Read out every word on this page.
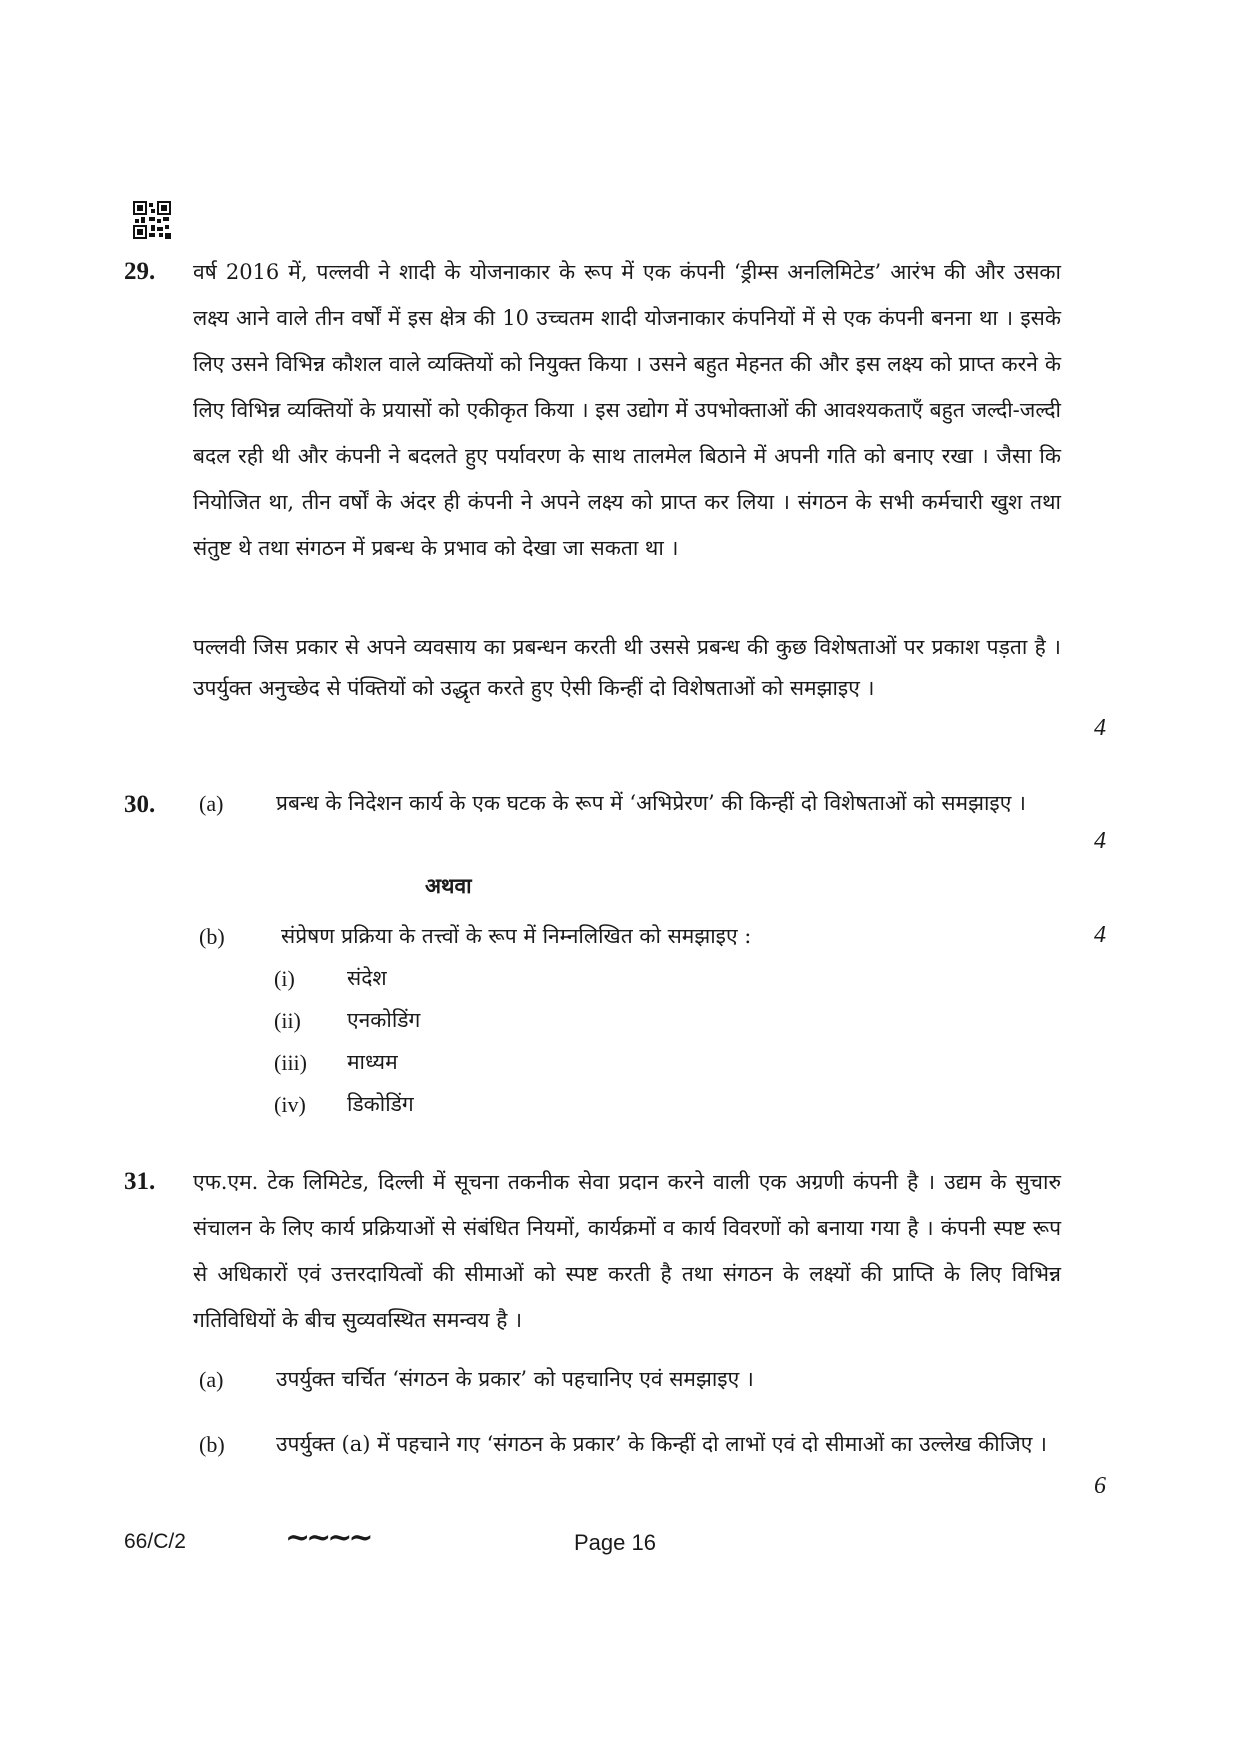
29. वर्ष 2016 में, पल्लवी ने शादी के योजनाकार के रूप में एक कंपनी ‘ड्रीम्स अनलिमिटेड’ आरंभ की और उसका लक्ष्य आने वाले तीन वर्षों में इस क्षेत्र की 10 उच्चतम शादी योजनाकार कंपनियों में से एक कंपनी बनना था । इसके लिए उसने विभिन्न कौशल वाले व्यक्तियों को नियुक्त किया । उसने बहुत मेहनत की और इस लक्ष्य को प्राप्त करने के लिए विभिन्न व्यक्तियों के प्रयासों को एकीकृत किया । इस उद्योग में उपभोक्ताओं की आवश्यकताएँ बहुत जल्दी-जल्दी बदल रही थी और कंपनी ने बदलते हुए पर्यावरण के साथ तालमेल बिठाने में अपनी गति को बनाए रखा । जैसा कि नियोजित था, तीन वर्षों के अंदर ही कंपनी ने अपने लक्ष्य को प्राप्त कर लिया । संगठन के सभी कर्मचारी खुश तथा संतुष्ट थे तथा संगठन में प्रबन्ध के प्रभाव को देखा जा सकता था ।

पल्लवी जिस प्रकार से अपने व्यवसाय का प्रबन्धन करती थी उससे प्रबन्ध की कुछ विशेषताओं पर प्रकाश पड़ता है । उपर्युक्त अनुच्छेद से पंक्तियों को उद्धृत करते हुए ऐसी किन्हीं दो विशेषताओं को समझाइए ।

4
30. (a)	प्रबन्ध के निदेशन कार्य के एक घटक के रूप में ‘अभिप्रेरण’ की किन्हीं दो विशेषताओं को समझाइए ।

4
अथवा
(b)	संप्रेषण प्रक्रिया के तत्त्वों के रूप में निम्नलिखित को समझाइए :	4
(i) संदेश
(ii) एनकोडिंग
(iii) माध्यम
(iv) डिकोडिंग
31. एफ.एम. टेक लिमिटेड, दिल्ली में सूचना तकनीक सेवा प्रदान करने वाली एक अग्रणी कंपनी है । उद्यम के सुचारु संचालन के लिए कार्य प्रक्रियाओं से संबंधित नियमों, कार्यक्रमों व कार्य विवरणों को बनाया गया है । कंपनी स्पष्ट रूप से अधिकारों एवं उत्तरदायित्वों की सीमाओं को स्पष्ट करती है तथा संगठन के लक्ष्यों की प्राप्ति के लिए विभिन्न गतिविधियों के बीच सुव्यवस्थित समन्वय है ।

(a)	उपर्युक्त चर्चित ‘संगठन के प्रकार’ को पहचानिए एवं समझाइए ।

(b) उपर्युक्त (a) में पहचाने गए ‘संगठन के प्रकार’ के किन्हीं दो लाभों एवं दो सीमाओं का उल्लेख कीजिए ।

6
66/C/2	~~~~	Page 16
